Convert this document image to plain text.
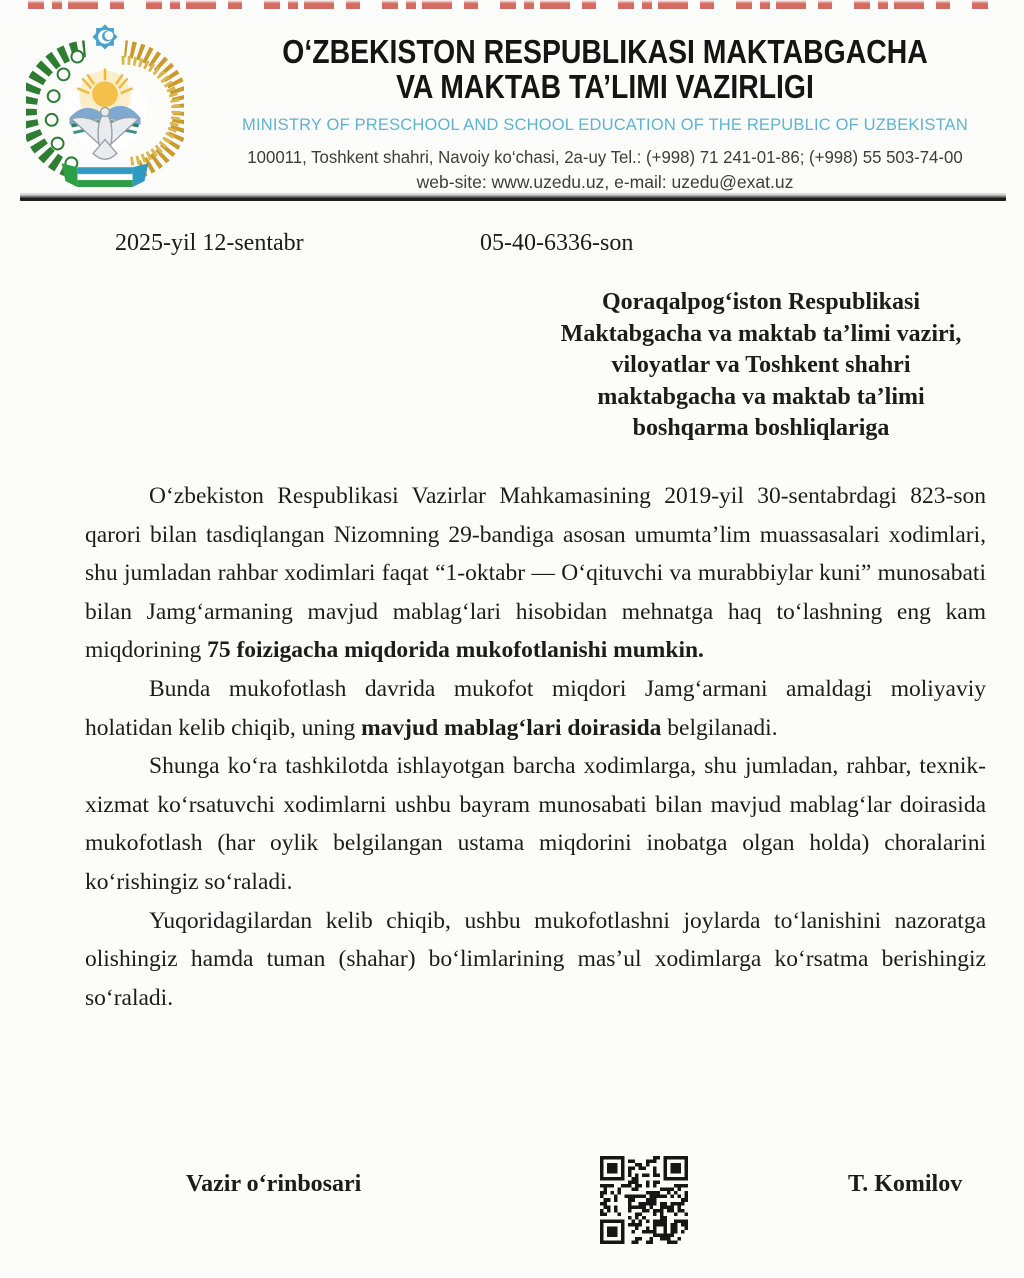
O‘ZBEKISTON RESPUBLIKASI MAKTABGACHA
VA MAKTAB TA’LIMI VAZIRLIGI
MINISTRY OF PRESCHOOL AND SCHOOL EDUCATION OF THE REPUBLIC OF UZBEKISTAN
100011, Toshkent shahri, Navoiy ko‘chasi, 2a-uy Tel.: (+998) 71 241-01-86; (+998) 55 503-74-00
web-site: www.uzedu.uz, e-mail: uzedu@exat.uz
2025-yil 12-sentabr	05-40-6336-son
Qoraqalpog‘iston Respublikasi
Maktabgacha va maktab ta’limi vaziri,
viloyatlar va Toshkent shahri
maktabgacha va maktab ta’limi
boshqarma boshliqlariga

O‘zbekiston Respublikasi Vazirlar Mahkamasining 2019-yil 30-sentabrdagi 823-son qarori bilan tasdiqlangan Nizomning 29-bandiga asosan umumta’lim muassasalari xodimlari, shu jumladan rahbar xodimlari faqat “1-oktabr — O‘qituvchi va murabbiylar kuni” munosabati bilan Jamg‘armaning mavjud mablag‘lari hisobidan mehnatga haq to‘lashning eng kam miqdorining 75 foizigacha miqdorida mukofotlanishi mumkin.

Bunda mukofotlash davrida mukofot miqdori Jamg‘armani amaldagi moliyaviy holatidan kelib chiqib, uning mavjud mablag‘lari doirasida belgilanadi.

Shunga ko‘ra tashkilotda ishlayotgan barcha xodimlarga, shu jumladan, rahbar, texnik-xizmat ko‘rsatuvchi xodimlarni ushbu bayram munosabati bilan mavjud mablag‘lar doirasida mukofotlash (har oylik belgilangan ustama miqdorini inobatga olgan holda) choralarini ko‘rishingiz so‘raladi.

Yuqoridagilardan kelib chiqib, ushbu mukofotlashni joylarda to‘lanishini nazoratga olishingiz hamda tuman (shahar) bo‘limlarining mas’ul xodimlarga ko‘rsatma berishingiz so‘raladi.

Vazir o‘rinbosari	T. Komilov
